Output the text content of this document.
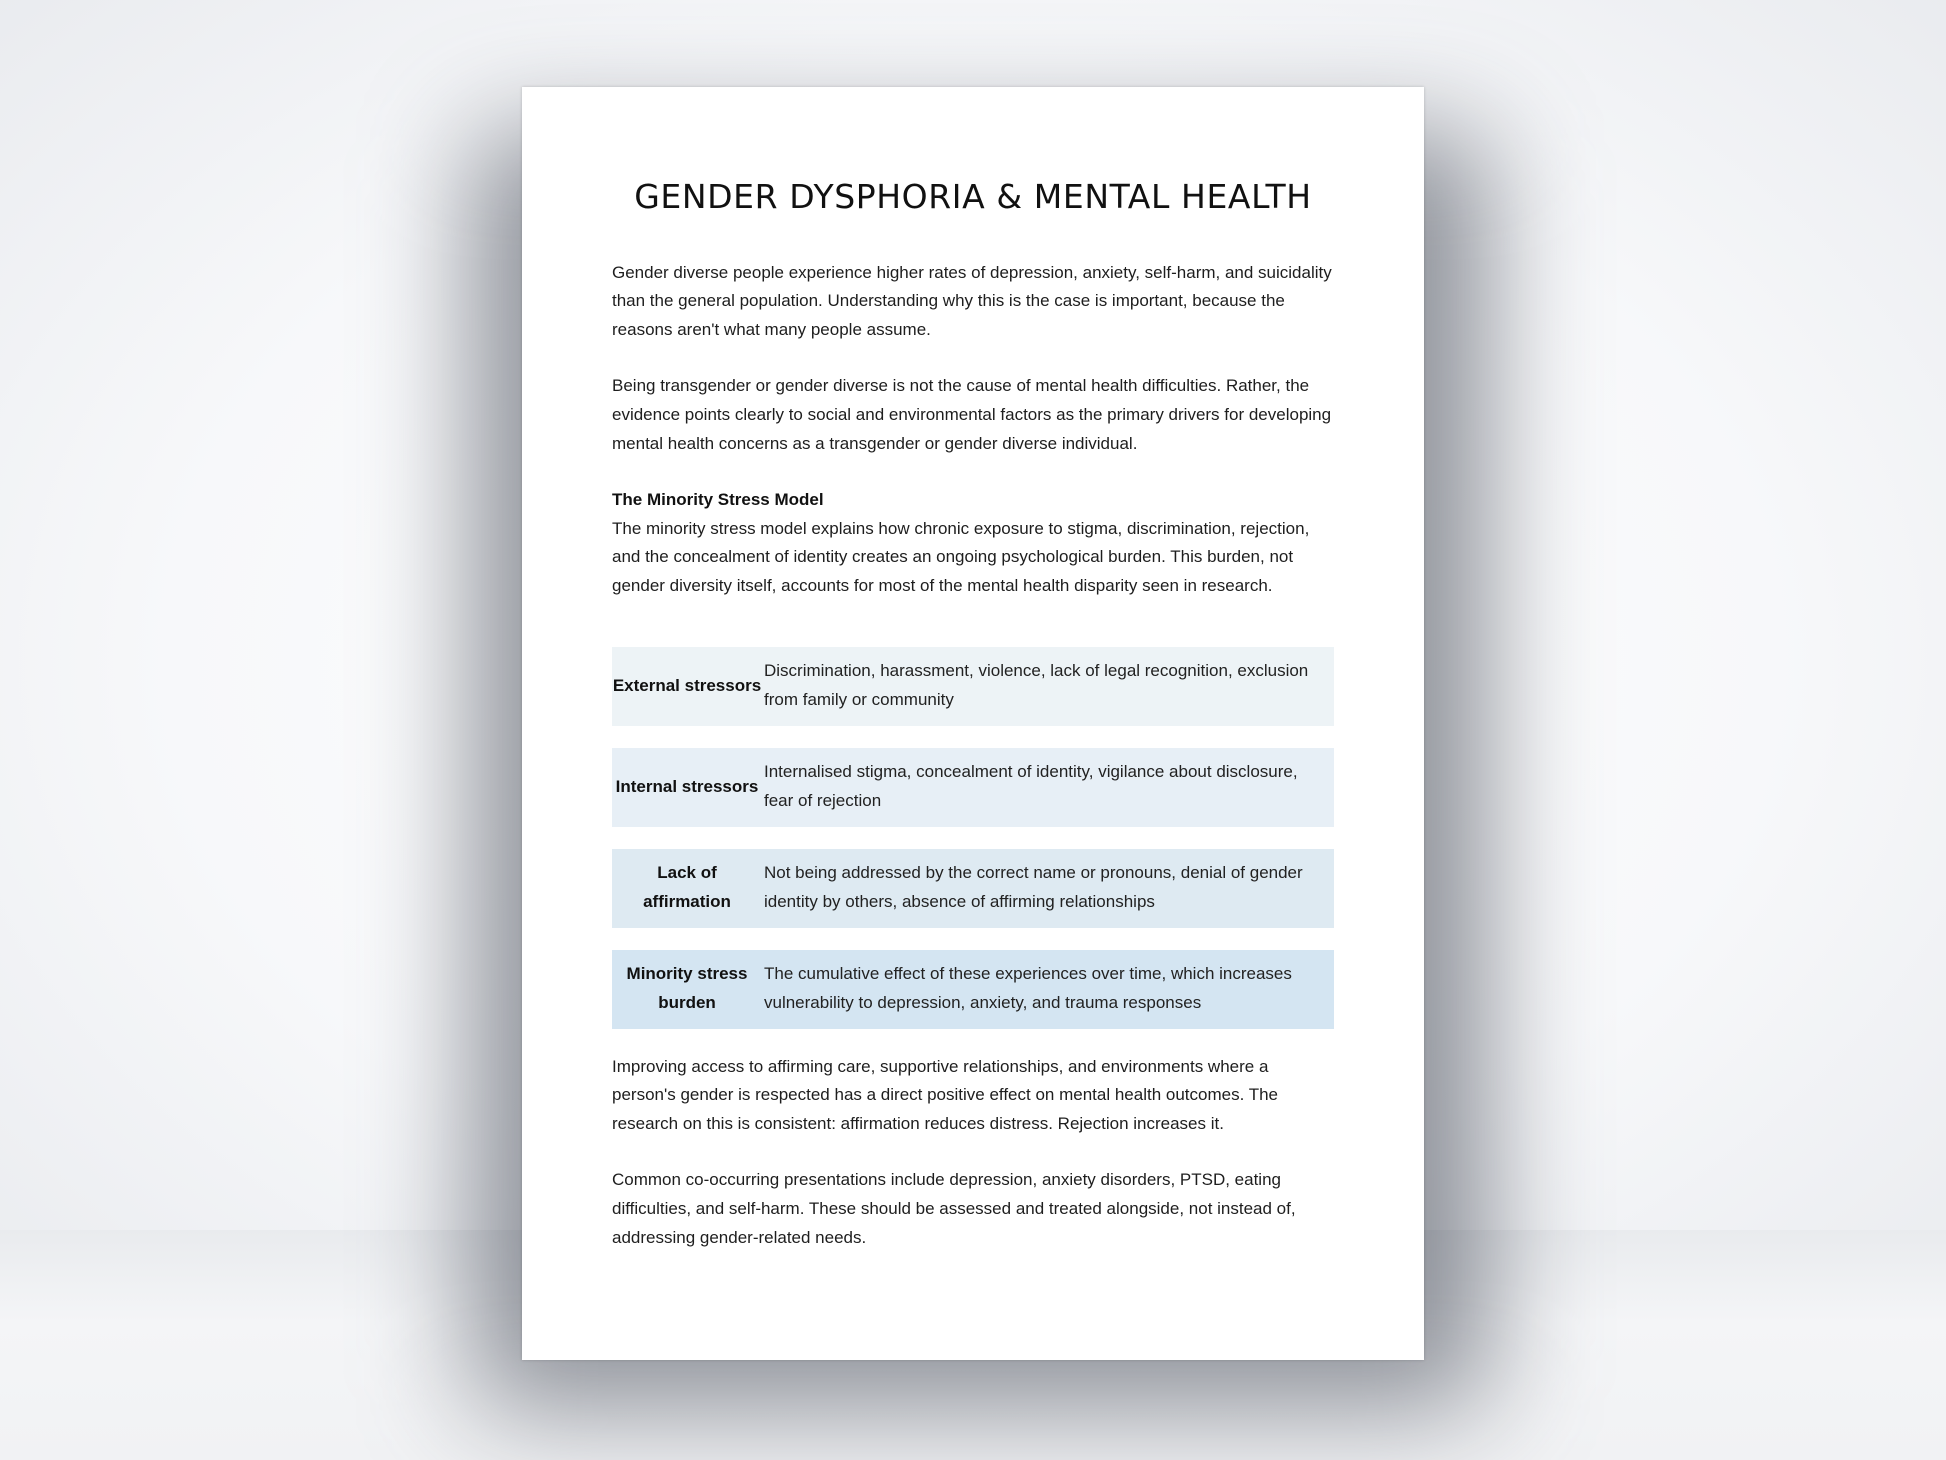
GENDER DYSPHORIA & MENTAL HEALTH

Gender diverse people experience higher rates of depression, anxiety, self-harm, and suicidality than the general population. Understanding why this is the case is important, because the reasons aren't what many people assume.

Being transgender or gender diverse is not the cause of mental health difficulties. Rather, the evidence points clearly to social and environmental factors as the primary drivers for developing mental health concerns as a transgender or gender diverse individual.

The Minority Stress Model

The minority stress model explains how chronic exposure to stigma, discrimination, rejection, and the concealment of identity creates an ongoing psychological burden. This burden, not gender diversity itself, accounts for most of the mental health disparity seen in research.

External stressors
Discrimination, harassment, violence, lack of legal recognition, exclusion from family or community
Internal stressors
Internalised stigma, concealment of identity, vigilance about disclosure, fear of rejection
Lack of affirmation
Not being addressed by the correct name or pronouns, denial of gender identity by others, absence of affirming relationships
Minority stress burden
The cumulative effect of these experiences over time, which increases vulnerability to depression, anxiety, and trauma responses

Improving access to affirming care, supportive relationships, and environments where a person's gender is respected has a direct positive effect on mental health outcomes. The research on this is consistent: affirmation reduces distress. Rejection increases it.

Common co-occurring presentations include depression, anxiety disorders, PTSD, eating difficulties, and self-harm. These should be assessed and treated alongside, not instead of, addressing gender-related needs.
